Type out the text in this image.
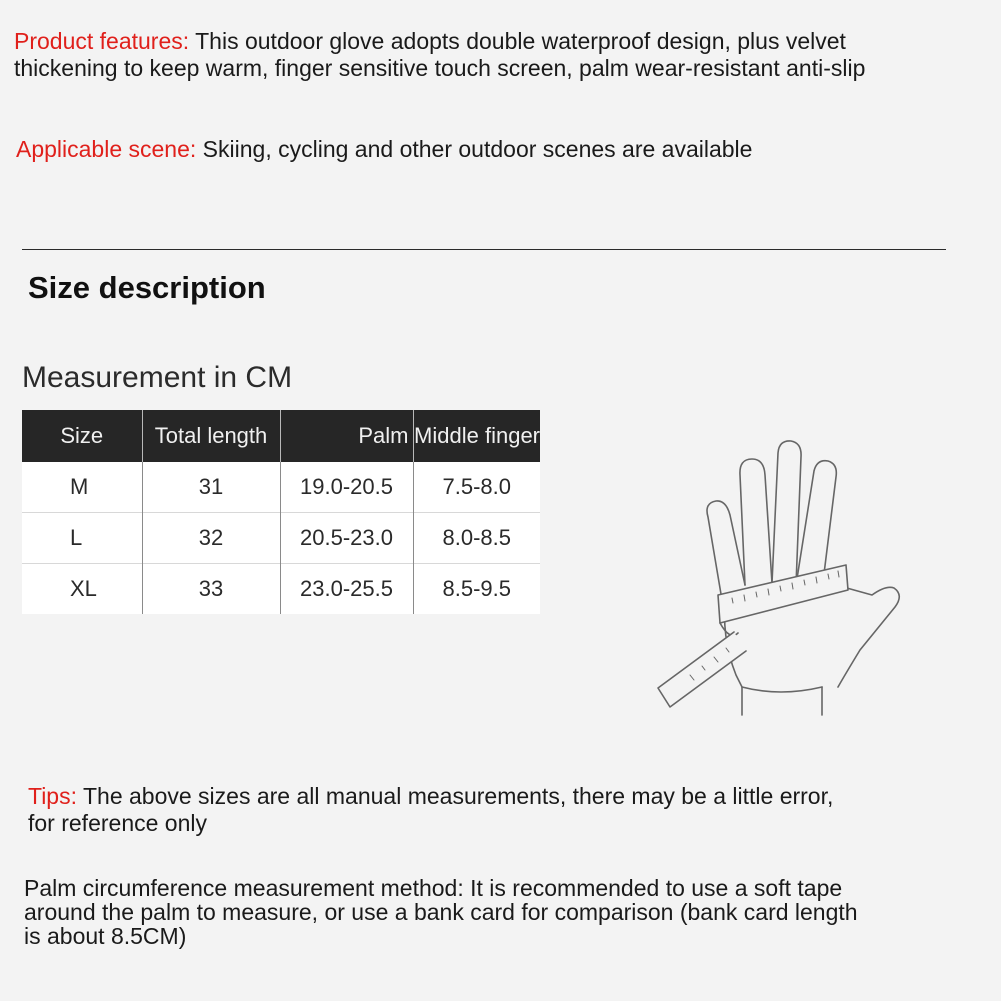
Product features: This outdoor glove adopts double waterproof design, plus velvet
thickening to keep warm, finger sensitive touch screen, palm wear-resistant anti-slip
Applicable scene: Skiing, cycling and other outdoor scenes are available
Size description
Measurement in CM
Size	Total length	Palm	Middle finger
M	31	19.0-20.5	7.5-8.0
L	32	20.5-23.0	8.0-8.5
XL	33	23.0-25.5	8.5-9.5
Tips: The above sizes are all manual measurements, there may be a little error,
for reference only
Palm circumference measurement method: It is recommended to use a soft tape
around the palm to measure, or use a bank card for comparison (bank card length
is about 8.5CM)
